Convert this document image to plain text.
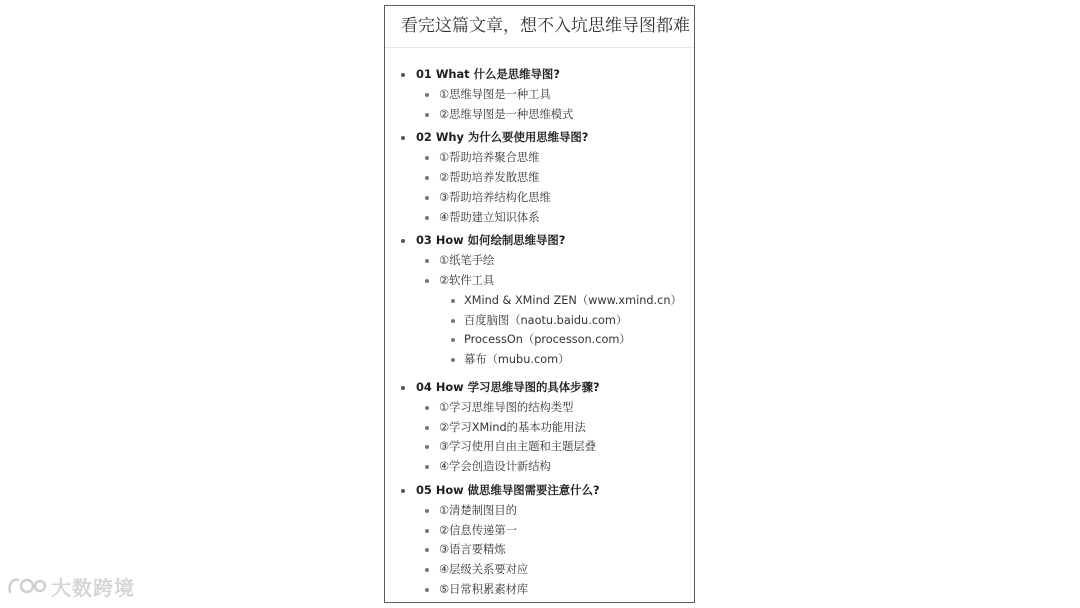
看完这篇文章，想不入坑思维导图都难
01 What 什么是思维导图?
①思维导图是一种工具
②思维导图是一种思维模式
02 Why 为什么要使用思维导图?
①帮助培养聚合思维
②帮助培养发散思维
③帮助培养结构化思维
④帮助建立知识体系
03 How 如何绘制思维导图?
①纸笔手绘
②软件工具
XMind & XMind ZEN（www.xmind.cn）
百度脑图（naotu.baidu.com）
ProcessOn（processon.com）
幕布（mubu.com）
04 How 学习思维导图的具体步骤?
①学习思维导图的结构类型
②学习XMind的基本功能用法
③学习使用自由主题和主题层叠
④学会创造设计新结构
05 How 做思维导图需要注意什么?
①清楚制图目的
②信息传递第一
③语言要精炼
④层级关系要对应
⑤日常积累素材库
大数跨境
